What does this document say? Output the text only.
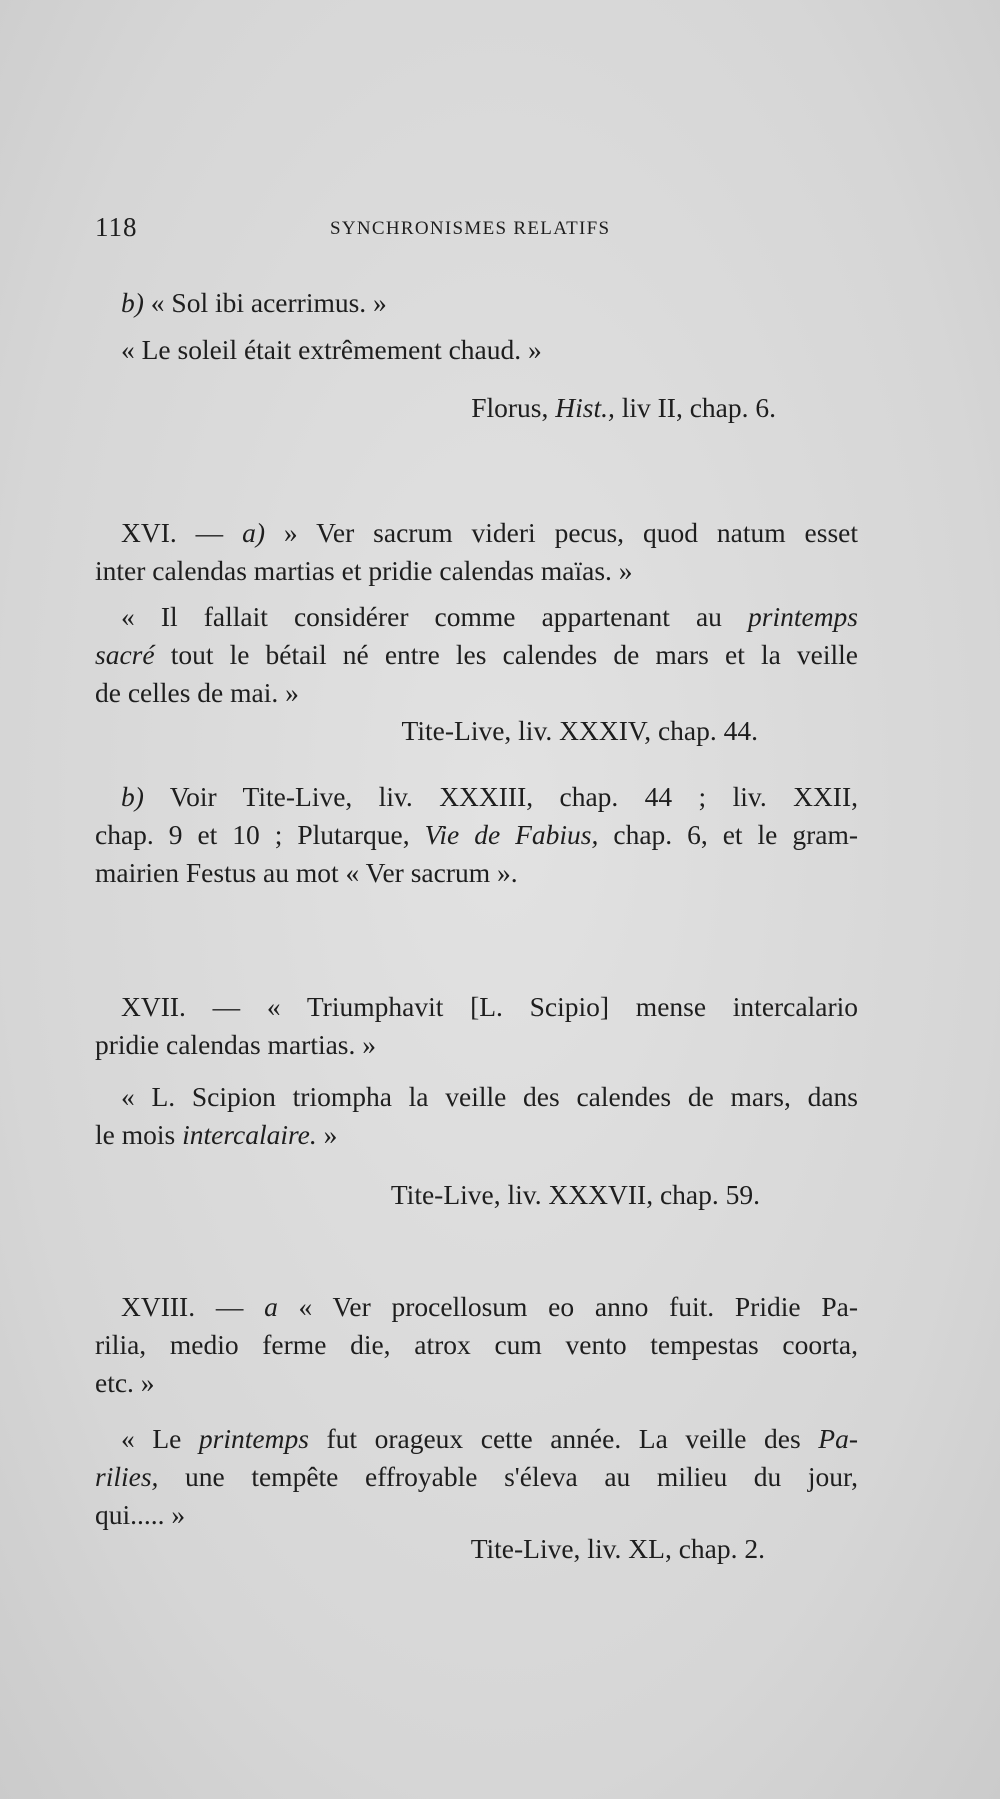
118	SYNCHRONISMES RELATIFS
b) « Sol ibi acerrimus. »
« Le soleil était extrêmement chaud. »
Florus, Hist., liv II, chap. 6.
XVI. — a) » Ver sacrum videri pecus, quod natum esset
inter calendas martias et pridie calendas maïas. »
« Il fallait considérer comme appartenant au printemps
sacré tout le bétail né entre les calendes de mars et la veille
de celles de mai. »
Tite-Live, liv. XXXIV, chap. 44.
b) Voir Tite-Live, liv. XXXIII, chap. 44 ; liv. XXII,
chap. 9 et 10 ; Plutarque, Vie de Fabius, chap. 6, et le gram-
mairien Festus au mot « Ver sacrum ».
XVII. — « Triumphavit [L. Scipio] mense intercalario
pridie calendas martias. »
« L. Scipion triompha la veille des calendes de mars, dans
le mois intercalaire. »
Tite-Live, liv. XXXVII, chap. 59.
XVIII. — a « Ver procellosum eo anno fuit. Pridie Pa-
rilia, medio ferme die, atrox cum vento tempestas coorta,
etc. »
« Le printemps fut orageux cette année. La veille des Pa-
rilies, une tempête effroyable s'éleva au milieu du jour,
qui..... »
Tite-Live, liv. XL, chap. 2.
